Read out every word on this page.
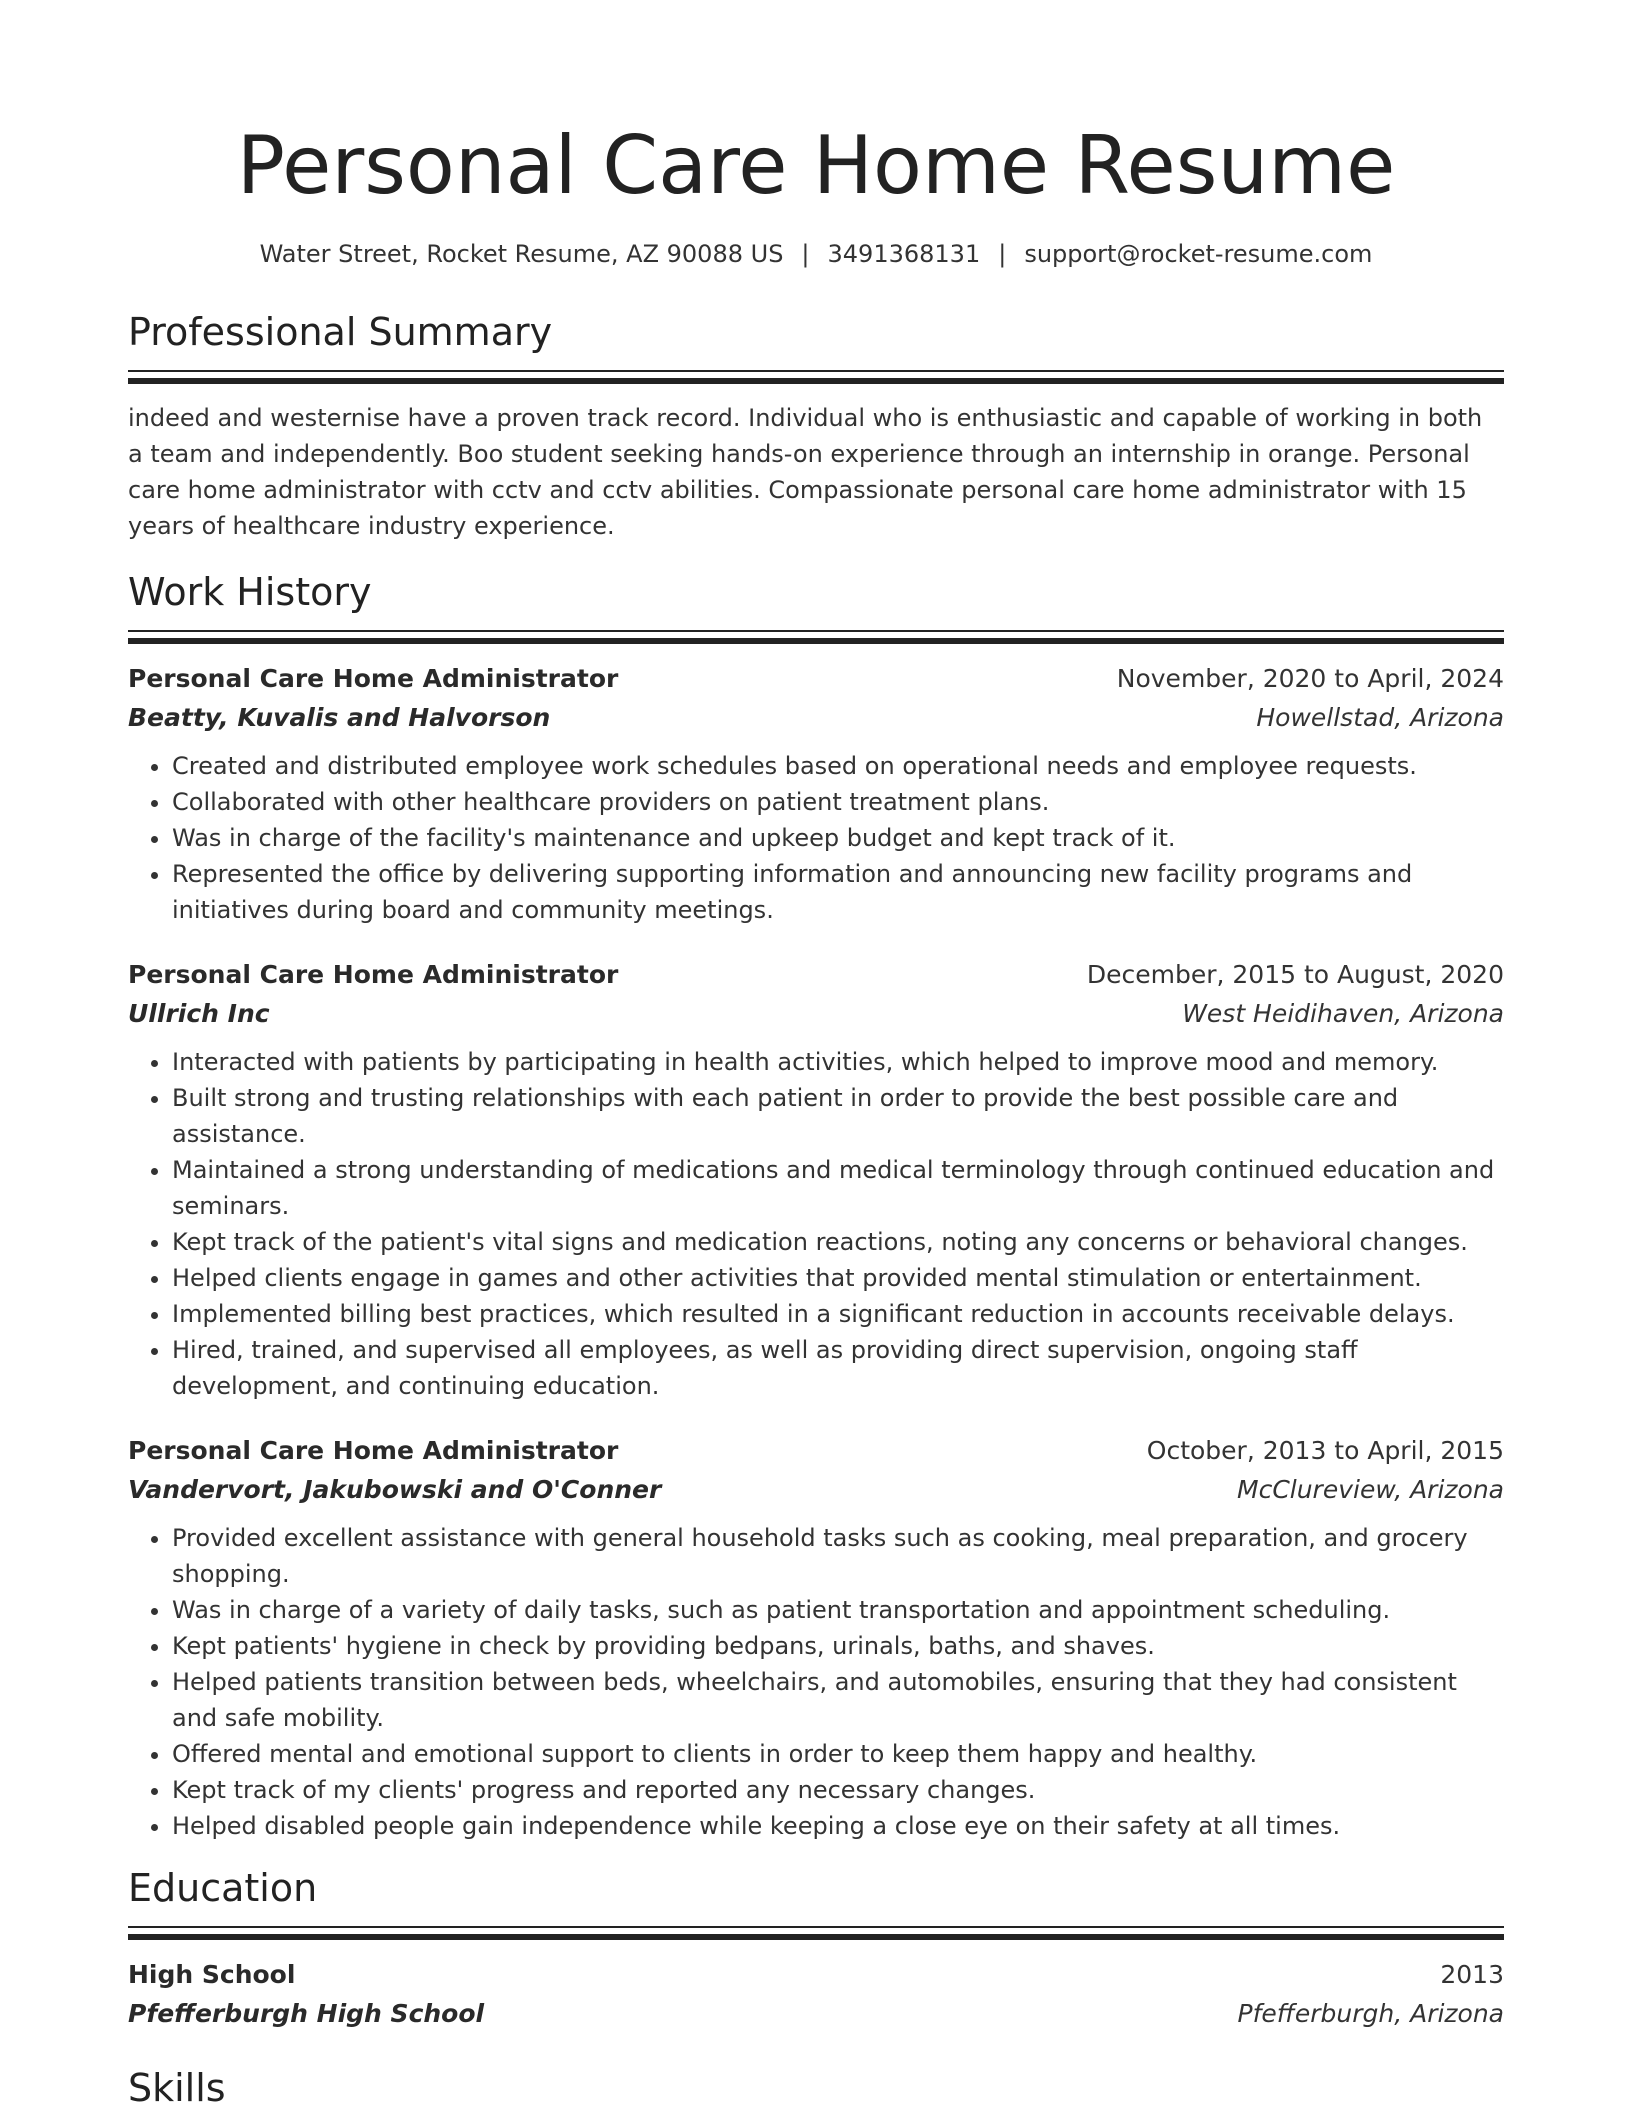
Personal Care Home Resume
Water Street, Rocket Resume, AZ 90088 US | 3491368131 | support@rocket-resume.com
Professional Summary
indeed and westernise have a proven track record. Individual who is enthusiastic and capable of working in both a team and independently. Boo student seeking hands-on experience through an internship in orange. Personal care home administrator with cctv and cctv abilities. Compassionate personal care home administrator with 15 years of healthcare industry experience.
Work History
Personal Care Home Administrator	November, 2020 to April, 2024
Beatty, Kuvalis and Halvorson	Howellstad, Arizona
• Created and distributed employee work schedules based on operational needs and employee requests.
• Collaborated with other healthcare providers on patient treatment plans.
• Was in charge of the facility's maintenance and upkeep budget and kept track of it.
• Represented the office by delivering supporting information and announcing new facility programs and initiatives during board and community meetings.
Personal Care Home Administrator	December, 2015 to August, 2020
Ullrich Inc	West Heidihaven, Arizona
• Interacted with patients by participating in health activities, which helped to improve mood and memory.
• Built strong and trusting relationships with each patient in order to provide the best possible care and assistance.
• Maintained a strong understanding of medications and medical terminology through continued education and seminars.
• Kept track of the patient's vital signs and medication reactions, noting any concerns or behavioral changes.
• Helped clients engage in games and other activities that provided mental stimulation or entertainment.
• Implemented billing best practices, which resulted in a significant reduction in accounts receivable delays.
• Hired, trained, and supervised all employees, as well as providing direct supervision, ongoing staff development, and continuing education.
Personal Care Home Administrator	October, 2013 to April, 2015
Vandervort, Jakubowski and O'Conner	McClureview, Arizona
• Provided excellent assistance with general household tasks such as cooking, meal preparation, and grocery shopping.
• Was in charge of a variety of daily tasks, such as patient transportation and appointment scheduling.
• Kept patients' hygiene in check by providing bedpans, urinals, baths, and shaves.
• Helped patients transition between beds, wheelchairs, and automobiles, ensuring that they had consistent and safe mobility.
• Offered mental and emotional support to clients in order to keep them happy and healthy.
• Kept track of my clients' progress and reported any necessary changes.
• Helped disabled people gain independence while keeping a close eye on their safety at all times.
Education
High School	2013
Pfefferburgh High School	Pfefferburgh, Arizona
Skills
